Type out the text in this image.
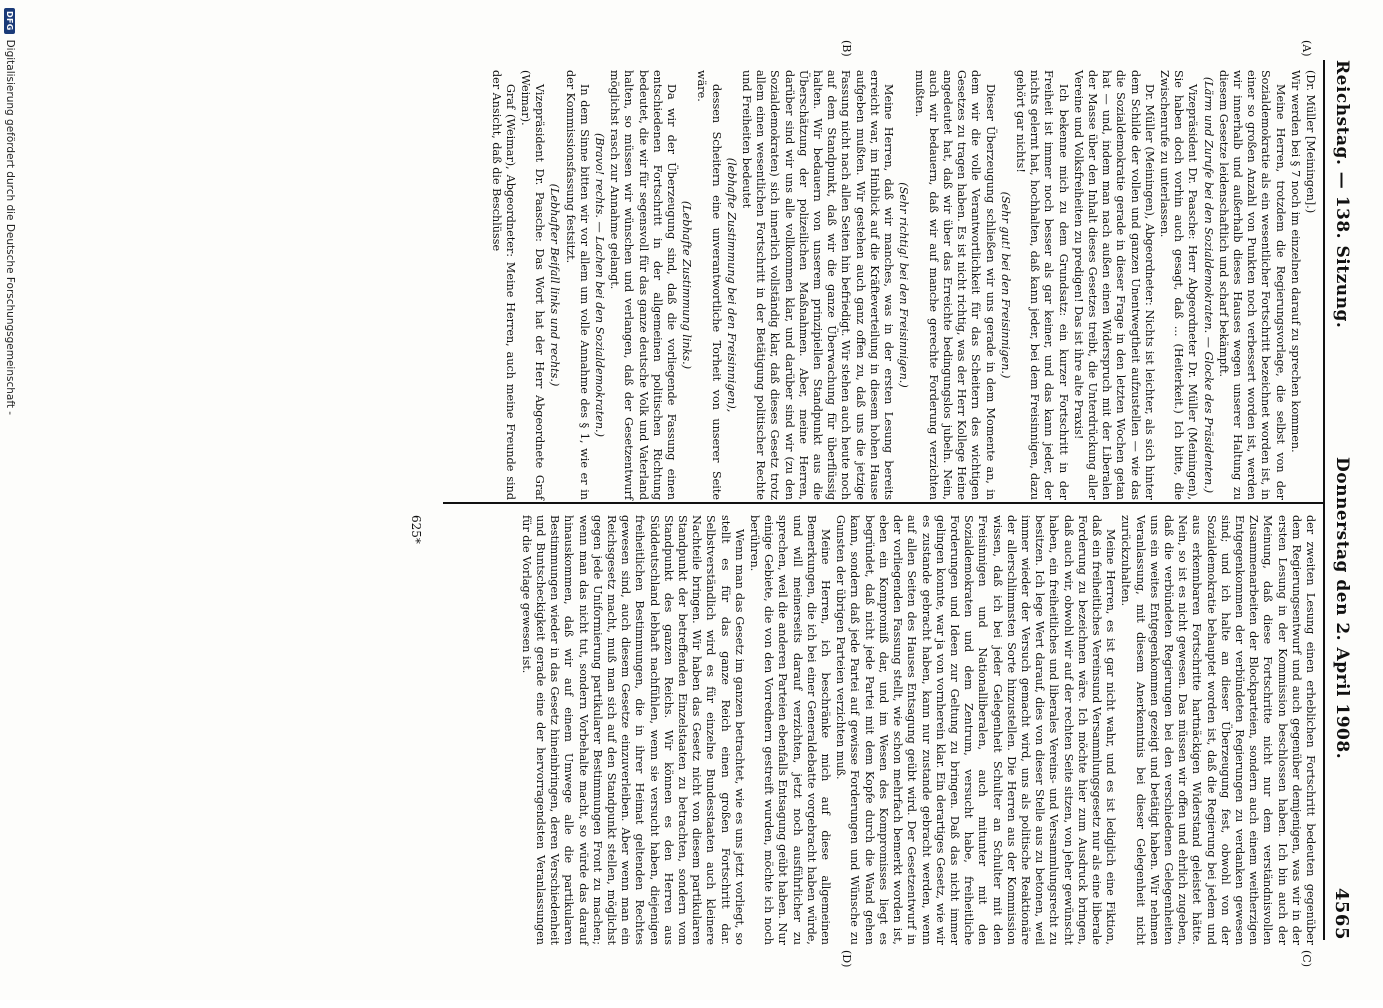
Reichstag. — 138. Sitzung.
Donnerstag den 2. April 1908.
4565
(A)
(B)
(C)
(D)

(Dr. Müller [Meiningen].)

Wir werden bei § 7 noch im einzelnen darauf zu sprechen kommen.

Meine Herren, trotzdem die Regierungsvorlage, die selbst von der Sozialdemokratie als ein wesentlicher Fortschritt bezeichnet worden ist, in einer so großen Anzahl von Punkten noch verbessert worden ist, werden wir innerhalb und außerhalb dieses Hauses wegen unserer Haltung zu diesem Gesetze leidenschaftlich und scharf bekämpft.

(Lärm und Zurufe bei den Sozialdemokraten. — Glocke des Präsidenten.)

Vizepräsident Dr. Paasche: Herr Abgeordneter Dr. Müller (Meiningen), Sie haben doch vorhin auch gesagt, daß ... (Heiterkeit.) Ich bitte, die Zwischenrufe zu unterlassen.

Dr. Müller (Meiningen), Abgeordneter: Nichts ist leichter, als sich hinter dem Schilde der vollen und ganzen Unentwegtheit aufzustellen — wie das die Sozialdemokratie gerade in dieser Frage in den letzten Wochen getan hat — und, indem man nach außen einen Widerspruch mit der Liberalen der Masse über den Inhalt dieses Gesetzes treibt, die Unterdrückung aller Vereine und Volksfreiheiten zu predigen! Das ist ihre alte Praxis!

Ich bekenne mich zu dem Grundsatz: ein kurzer Fortschritt in der Freiheit ist immer noch besser als gar keiner, und das kann jeder, der nichts gelernt hat, hochhalten, daß kann jeder, bei dem Freisinnigen, dazu gehört gar nichts!

(Sehr gut! bei den Freisinnigen.)

Dieser Überzeugung schließen wir uns gerade in dem Momente an, in dem wir die volle Verantwortlichkeit für das Scheitern des wichtigen Gesetzes zu tragen haben. Es ist nicht richtig, was der Herr Kollege Heine angedeutet hat, daß wir über das Erreichte bedingungslos jubeln. Nein, auch wir bedauern, daß wir auf manche gerechte Forderung verzichten mußten.

(Sehr richtig! bei den Freisinnigen.)

Meine Herren, daß wir manches, was in der ersten Lesung bereits erreicht war, im Hinblick auf die Kräfteverteilung in diesem hohen Hause aufgeben mußten. Wir gestehen auch ganz offen zu, daß uns die jetzige Fassung nicht nach allen Seiten hin befriedigt. Wir stehen auch heute noch auf dem Standpunkt, daß wir die ganze Überwachung für überflüssig halten. Wir bedauern von unserem prinzipiellen Standpunkt aus die Überschätzung der polizeilichen Maßnahmen. Aber, meine Herren, darüber sind wir uns alle vollkommen klar, und darüber sind wir (zu den Sozialdemokraten) sich innerlich vollständig klar, daß dieses Gesetz trotz allem einen wesentlichen Fortschritt in der Betätigung politischer Rechte und Freiheiten bedeutet

(lebhafte Zustimmung bei den Freisinnigen),

dessen Scheitern eine unverantwortliche Torheit von unserer Seite wäre.

(Lebhafte Zustimmung links.)

Da wir der Überzeugung sind, daß die vorliegende Fassung einen entschiedenen Fortschritt in der allgemeinen politischen Richtung bedeutet, die wir für segensvoll für das ganze deutsche Volk und Vaterland halten, so müssen wir wünschen und verlangen, daß der Gesetzentwurf möglichst rasch zur Annahme gelangt.

(Bravo! rechts. — Lachen bei den Sozialdemokraten.)

In dem Sinne bitten wir vor allem um volle Annahme des § 1, wie er in der Kommissionsfassung festsitzt.

(Lebhafter Beifall links und rechts.)

Vizepräsident Dr. Paasche: Das Wort hat der Herr Abgeordnete Graf (Weimar).

Graf (Weimar), Abgeordneter: Meine Herren, auch meine Freunde sind der Ansicht, daß die Beschlüsse

der zweiten Lesung einen erheblichen Fortschritt bedeuten gegenüber dem Regierungsentwurf und auch gegenüber demjenigen, was wir in der ersten Lesung in der Kommission beschlossen haben. Ich bin auch der Meinung, daß diese Fortschritte nicht nur dem verständnisvollen Zusammenarbeiten der Blockparteien, sondern auch einem weitherzigen Entgegenkommen der verbündeten Regierungen zu verdanken gewesen sind; und ich halte an dieser Überzeugung fest, obwohl von der Sozialdemokratie behauptet worden ist, daß die Regierung bei jedem und aus erkennbaren Fortschritte hartnäckigen Widerstand geleistet hätte. Nein, so ist es nicht gewesen. Das müssen wir offen und ehrlich zugeben, daß die verbündeten Regierungen bei den verschiedenen Gelegenheiten uns ein weites Entgegenkommen gezeigt und betätigt haben. Wir nehmen Veranlassung, mit diesem Anerkenntnis bei dieser Gelegenheit nicht zurückzuhalten.

Meine Herren, es ist gar nicht wahr, und es ist lediglich eine Fiktion, daß ein freiheitliches Vereinsund Versammlungsgesetz nur als eine liberale Forderung zu bezeichnen wäre. Ich möchte hier zum Ausdruck bringen, daß auch wir, obwohl wir auf der rechten Seite sitzen, von jeher gewünscht haben, ein freiheitliches und liberales Vereins- und Versammlungsrecht zu besitzen. Ich lege Wert darauf, dies von dieser Stelle aus zu betonen, weil immer wieder der Versuch gemacht wird, uns als politische Reaktionäre der allerschlimmsten Sorte hinzustellen. Die Herren aus der Kommission wissen, daß ich bei jeder Gelegenheit Schulter an Schulter mit den Freisinnigen und Nationalliberalen, auch mitunter mit den Sozialdemokraten und dem Zentrum, versucht habe, freiheitliche Forderungen und Ideen zur Geltung zu bringen. Daß das nicht immer gelingen konnte, war ja von vornherein klar. Ein derartiges Gesetz, wie wir es zustande gebracht haben, kann nur zustande gebracht werden, wenn auf allen Seiten des Hauses Entsagung geübt wird. Der Gesetzentwurf in der vorliegenden Fassung stellt, wie schon mehrfach bemerkt worden ist, eben ein Kompromiß dar, und im Wesen des Kompromisses liegt es begründet, daß nicht jede Partei mit dem Kopfe durch die Wand gehen kann, sondern daß jede Partei auf gewisse Forderungen und Wünsche zu Gunsten der übrigen Parteien verzichten muß.

Meine Herren, ich beschränke mich auf diese allgemeinen Bemerkungen, die ich bei einer Generaldebatte vorgebracht haben würde, und will meinerseits darauf verzichten, jetzt noch ausführlicher zu sprechen, weil die anderen Parteien ebenfalls Entsagung geübt haben. Nur einige Gebiete, die von den Vorrednern gestreift wurden, möchte ich noch berühren.

Wenn man das Gesetz im ganzen betrachtet, wie es uns jetzt vorliegt, so stellt es für das ganze Reich einen großen Fortschritt dar. Selbstverständlich wird es für einzelne Bundesstaaten auch kleinere Nachteile bringen. Wir haben das Gesetz nicht von diesem partikularen Standpunkt der betreffenden Einzelstaaten zu betrachten, sondern vom Standpunkt des ganzen Reichs. Wir können es den Herren aus Süddeutschland lebhaft nachfühlen, wenn sie versucht haben, diejenigen freiheitlichen Bestimmungen, die in ihrer Heimat geltenden Rechtes gewesen sind, auch diesem Gesetze einzuverleiben. Aber wenn man ein Reichsgesetz macht, muß man sich auf den Standpunkt stellen, möglichst gegen jede Uniformierung partikularer Bestimmungen Front zu machen; wenn man das nicht tut, sondern Vorbehalte macht, so würde das darauf hinauskommen, daß wir auf einem Umwege alle die partikularen Bestimmungen wieder in das Gesetz hineinbringen, deren Verschiedenheit und Buntscheckigkeit gerade eine der hervorragendsten Veranlassungen für die Vorlage gewesen ist.

625*
DFG
Digitalisierung gefördert durch die Deutsche Forschungsgemeinschaft -
